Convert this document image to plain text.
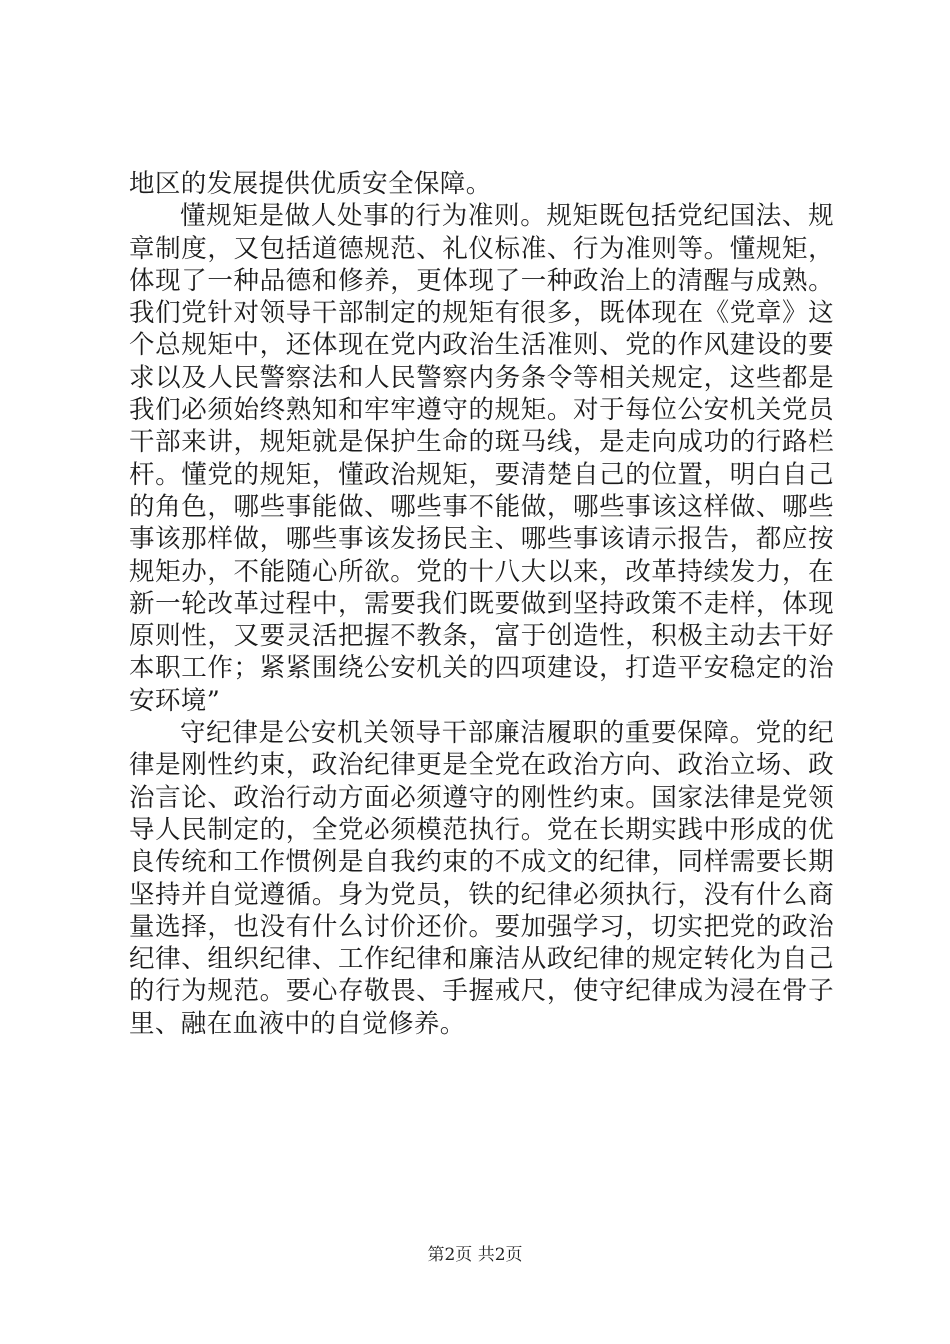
地区的发展提供优质安全保障。

懂规矩是做人处事的行为准则。规矩既包括党纪国法、规章制度，又包括道德规范、礼仪标准、行为准则等。懂规矩，体现了一种品德和修养，更体现了一种政治上的清醒与成熟。我们党针对领导干部制定的规矩有很多，既体现在《党章》这个总规矩中，还体现在党内政治生活准则、党的作风建设的要求以及人民警察法和人民警察内务条令等相关规定，这些都是我们必须始终熟知和牢牢遵守的规矩。对于每位公安机关党员干部来讲，规矩就是保护生命的斑马线，是走向成功的行路栏杆。懂党的规矩，懂政治规矩，要清楚自己的位置，明白自己的角色，哪些事能做、哪些事不能做，哪些事该这样做、哪些事该那样做，哪些事该发扬民主、哪些事该请示报告，都应按规矩办，不能随心所欲。党的十八大以来，改革持续发力，在新一轮改革过程中，需要我们既要做到坚持政策不走样，体现原则性，又要灵活把握不教条，富于创造性，积极主动去干好本职工作；紧紧围绕公安机关的四项建设，打造平安稳定的治安环境”

守纪律是公安机关领导干部廉洁履职的重要保障。党的纪律是刚性约束，政治纪律更是全党在政治方向、政治立场、政治言论、政治行动方面必须遵守的刚性约束。国家法律是党领导人民制定的，全党必须模范执行。党在长期实践中形成的优良传统和工作惯例是自我约束的不成文的纪律，同样需要长期坚持并自觉遵循。身为党员，铁的纪律必须执行，没有什么商量选择，也没有什么讨价还价。要加强学习，切实把党的政治纪律、组织纪律、工作纪律和廉洁从政纪律的规定转化为自己的行为规范。要心存敬畏、手握戒尺，使守纪律成为浸在骨子里、融在血液中的自觉修养。

第2页 共2页
